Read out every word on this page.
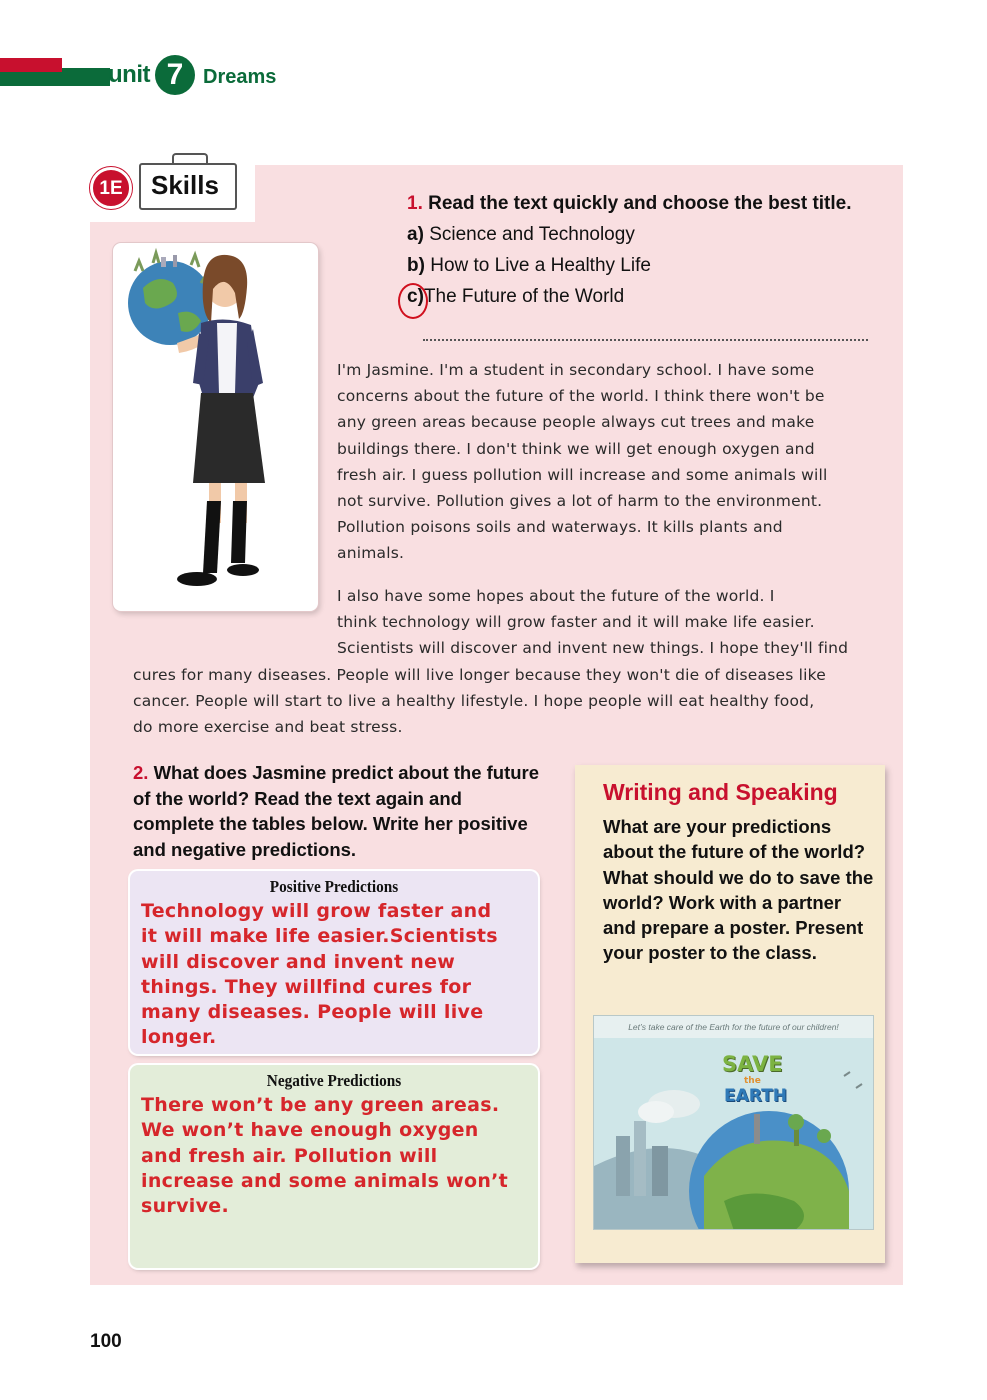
unit 7 Dreams
1E	Skills
1. Read the text quickly and choose the best title.
a) Science and Technology
b) How to Live a Healthy Life
c)The Future of the World
I'm Jasmine. I'm a student in secondary school. I have some
concerns about the future of the world. I think there won't be
any green areas because people always cut trees and make
buildings there. I don't think we will get enough oxygen and
fresh air. I guess pollution will increase and some animals will
not survive. Pollution gives a lot of harm to the environment.
Pollution poisons soils and waterways. It kills plants and
animals.
I also have some hopes about the future of the world. I
think technology will grow faster and it will make life easier.
Scientists will discover and invent new things. I hope they'll find
cures for many diseases. People will live longer because they won't die of diseases like
cancer. People will start to live a healthy lifestyle. I hope people will eat healthy food,
do more exercise and beat stress.
2. What does Jasmine predict about the future of the world? Read the text again and complete the tables below. Write her positive and negative predictions.
Positive Predictions
Technology will grow faster and
it will make life easier.Scientists
will discover and invent new
things. They willfind cures for
many diseases. People will live
longer.
Negative Predictions
There won’t be any green areas.
We won’t have enough oxygen
and fresh air. Pollution will
increase and some animals won’t
survive.
Writing and Speaking
What are your predictions about the future of the world? What should we do to save the world? Work with a partner and prepare a poster. Present your poster to the class.
Let’s take care of the Earth for the future of our children!
SAVE
the
EARTH
100
